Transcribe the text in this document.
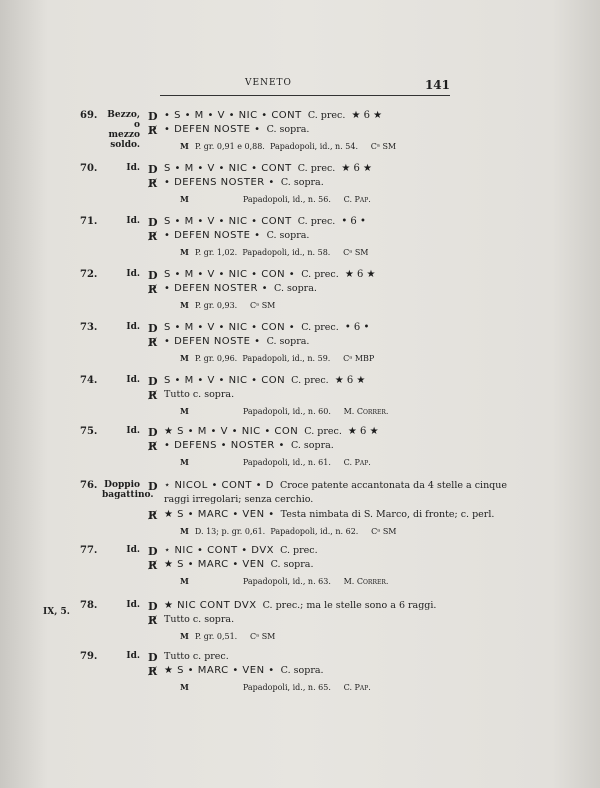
VENETO	141
IX, 5.
69.	Bezzo, o mezzo soldo.
D • S • M • V • NIC • CONT C. prec. ★ 6 ★
R̸ • DEFEN NOSTE • C. sopra.
M P. gr. 0,91 e 0,88. Papadopoli, id., n. 54. Cᵃ SM
70.	Id. D S • M • V • NIC • CONT C. prec. ★ 6 ★
R̸ • DEFENS NOSTER • C. sopra.
M	Papadopoli, id., n. 56. C. Pap.
71.	Id. D S • M • V • NIC • CONT C. prec. • 6 •
R̸ • DEFEN NOSTE • C. sopra.
M P. gr. 1,02. Papadopoli, id., n. 58. Cᵃ SM
72.	Id. D S • M • V • NIC • CON • C. prec. ★ 6 ★
R̸ • DEFEN NOSTER • C. sopra.
M P. gr. 0,93. Cᵃ SM
73.	Id. D S • M • V • NIC • CON • C. prec. • 6 •
R̸ • DEFEN NOSTE • C. sopra.
M P. gr. 0,96. Papadopoli, id., n. 59. Cᵃ MBP
74.	Id. D S • M • V • NIC • CON C. prec. ★ 6 ★
R̸ Tutto c. sopra.
M	Papadopoli, id., n. 60. M. Correr.
75.	Id. D ★ S • M • V • NIC • CON C. prec. ★ 6 ★
R̸ • DEFENS • NOSTER • C. sopra.
M	Papadopoli, id., n. 61. C. Pap.
76. Doppio bagattino.
D ⋆ NICOL • CONT • D Croce patente accantonata da 4 stelle a cinque
raggi irregolari; senza cerchio.
R̸ ★ S • MARC • VEN • Testa nimbata di S. Marco, di fronte; c. perl.
M D. 13; p. gr. 0,61. Papadopoli, id., n. 62. Cᵃ SM
77.	Id. D ⋆ NIC • CONT • DVX C. prec.
R̸ ★ S • MARC • VEN C. sopra.
M	Papadopoli, id., n. 63. M. Correr.
78.	Id. D ★ NIC CONT DVX C. prec.; ma le stelle sono a 6 raggi.
R̸ Tutto c. sopra.
M P. gr. 0,51. Cᵃ SM
79.	Id. D Tutto c. prec.
R̸ ★ S • MARC • VEN • C. sopra.
M	Papadopoli, id., n. 65. C. Pap.
